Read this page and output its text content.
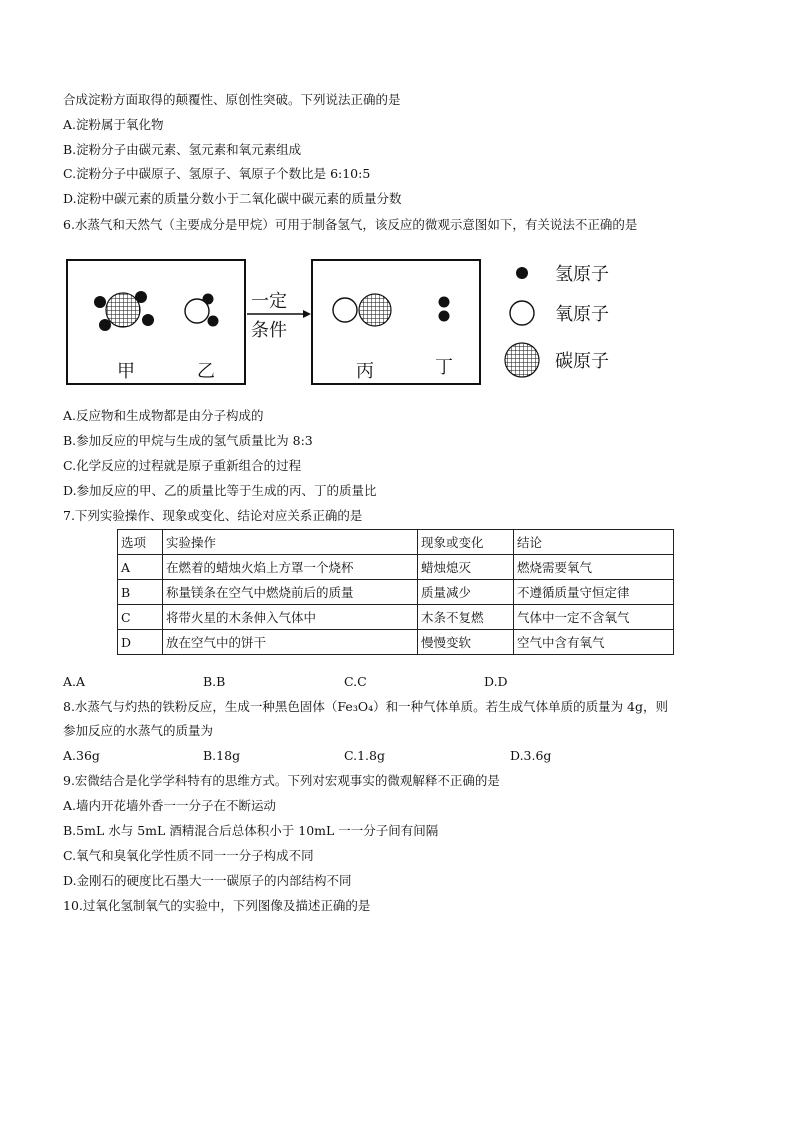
合成淀粉方面取得的颠覆性、原创性突破。下列说法正确的是
A.淀粉属于氧化物
B.淀粉分子由碳元素、氢元素和氧元素组成
C.淀粉分子中碳原子、氢原子、氧原子个数比是 6:10:5
D.淀粉中碳元素的质量分数小于二氧化碳中碳元素的质量分数
6.水蒸气和天然气（主要成分是甲烷）可用于制备氢气，该反应的微观示意图如下，有关说法不正确的是
甲	乙
一定
条件
丙	丁
氢原子
氧原子
碳原子
A.反应物和生成物都是由分子构成的
B.参加反应的甲烷与生成的氢气质量比为 8:3
C.化学反应的过程就是原子重新组合的过程
D.参加反应的甲、乙的质量比等于生成的丙、丁的质量比
7.下列实验操作、现象或变化、结论对应关系正确的是
选项	实验操作	现象或变化	结论
A	在燃着的蜡烛火焰上方罩一个烧杯	蜡烛熄灭	燃烧需要氧气
B	称量镁条在空气中燃烧前后的质量	质量减少	不遵循质量守恒定律
C	将带火星的木条伸入气体中	木条不复燃	气体中一定不含氧气
D	放在空气中的饼干	慢慢变软	空气中含有氧气
A.A	B.B	C.C	D.D
8.水蒸气与灼热的铁粉反应，生成一种黑色固体（Fe₃O₄）和一种气体单质。若生成气体单质的质量为 4g，则
参加反应的水蒸气的质量为
A.36g	B.18g	C.1.8g	D.3.6g
9.宏微结合是化学学科特有的思维方式。下列对宏观事实的微观解释不正确的是
A.墙内开花墙外香一一分子在不断运动
B.5mL 水与 5mL 酒精混合后总体积小于 10mL 一一分子间有间隔
C.氧气和臭氧化学性质不同一一分子构成不同
D.金刚石的硬度比石墨大一一碳原子的内部结构不同
10.过氧化氢制氧气的实验中，下列图像及描述正确的是
